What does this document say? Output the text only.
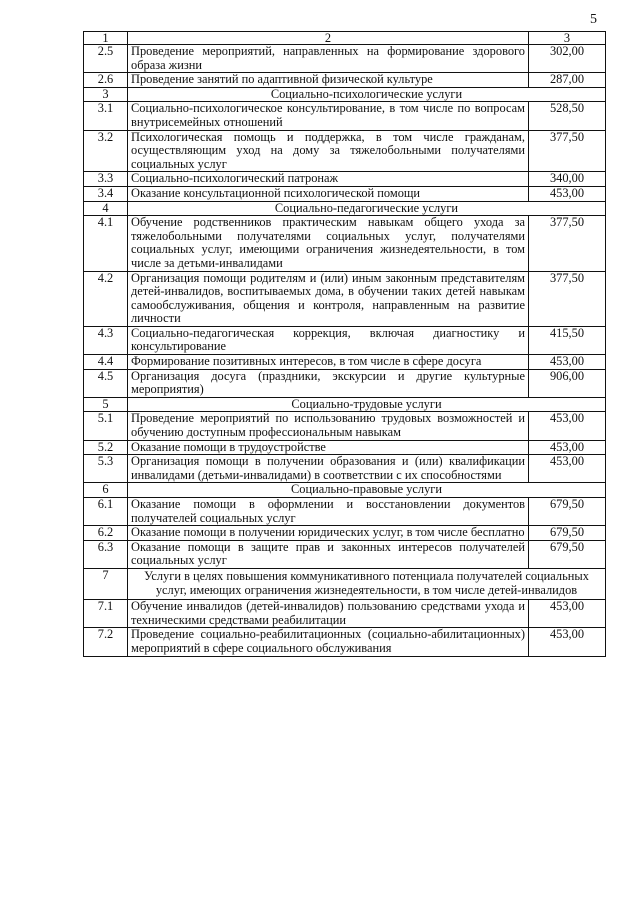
5
1	2	3
2.5	Проведение мероприятий, направленных на формирование здорового образа жизни	302,00
2.6	Проведение занятий по адаптивной физической культуре	287,00
3	Социально-психологические услуги	
3.1	Социально-психологическое консультирование, в том числе по вопросам внутрисемейных отношений	528,50
3.2	Психологическая помощь и поддержка, в том числе гражданам, осуществляющим уход на дому за тяжелобольными получателями социальных услуг	377,50
3.3	Социально-психологический патронаж	340,00
3.4	Оказание консультационной психологической помощи	453,00
4	Социально-педагогические услуги	
4.1	Обучение родственников практическим навыкам общего ухода за тяжелобольными получателями социальных услуг, получателями социальных услуг, имеющими ограничения жизнедеятельности, в том числе за детьми-инвалидами	377,50
4.2	Организация помощи родителям и (или) иным законным представителям детей-инвалидов, воспитываемых дома, в обучении таких детей навыкам самообслуживания, общения и контроля, направленным на развитие личности	377,50
4.3	Социально-педагогическая коррекция, включая диагностику и консультирование	415,50
4.4	Формирование позитивных интересов, в том числе в сфере досуга	453,00
4.5	Организация досуга (праздники, экскурсии и другие культурные мероприятия)	906,00
5	Социально-трудовые услуги	
5.1	Проведение мероприятий по использованию трудовых возможностей и обучению доступным профессиональным навыкам	453,00
5.2	Оказание помощи в трудоустройстве	453,00
5.3	Организация помощи в получении образования и (или) квалификации инвалидами (детьми-инвалидами) в соответствии с их способностями	453,00
6	Социально-правовые услуги	
6.1	Оказание помощи в оформлении и восстановлении документов получателей социальных услуг	679,50
6.2	Оказание помощи в получении юридических услуг, в том числе бесплатно	679,50
6.3	Оказание помощи в защите прав и законных интересов получателей социальных услуг	679,50
7	Услуги в целях повышения коммуникативного потенциала получателей социальных услуг, имеющих ограничения жизнедеятельности, в том числе детей-инвалидов	
7.1	Обучение инвалидов (детей-инвалидов) пользованию средствами ухода и техническими средствами реабилитации	453,00
7.2	Проведение социально-реабилитационных (социально-абилитационных) мероприятий в сфере социального обслуживания	453,00
